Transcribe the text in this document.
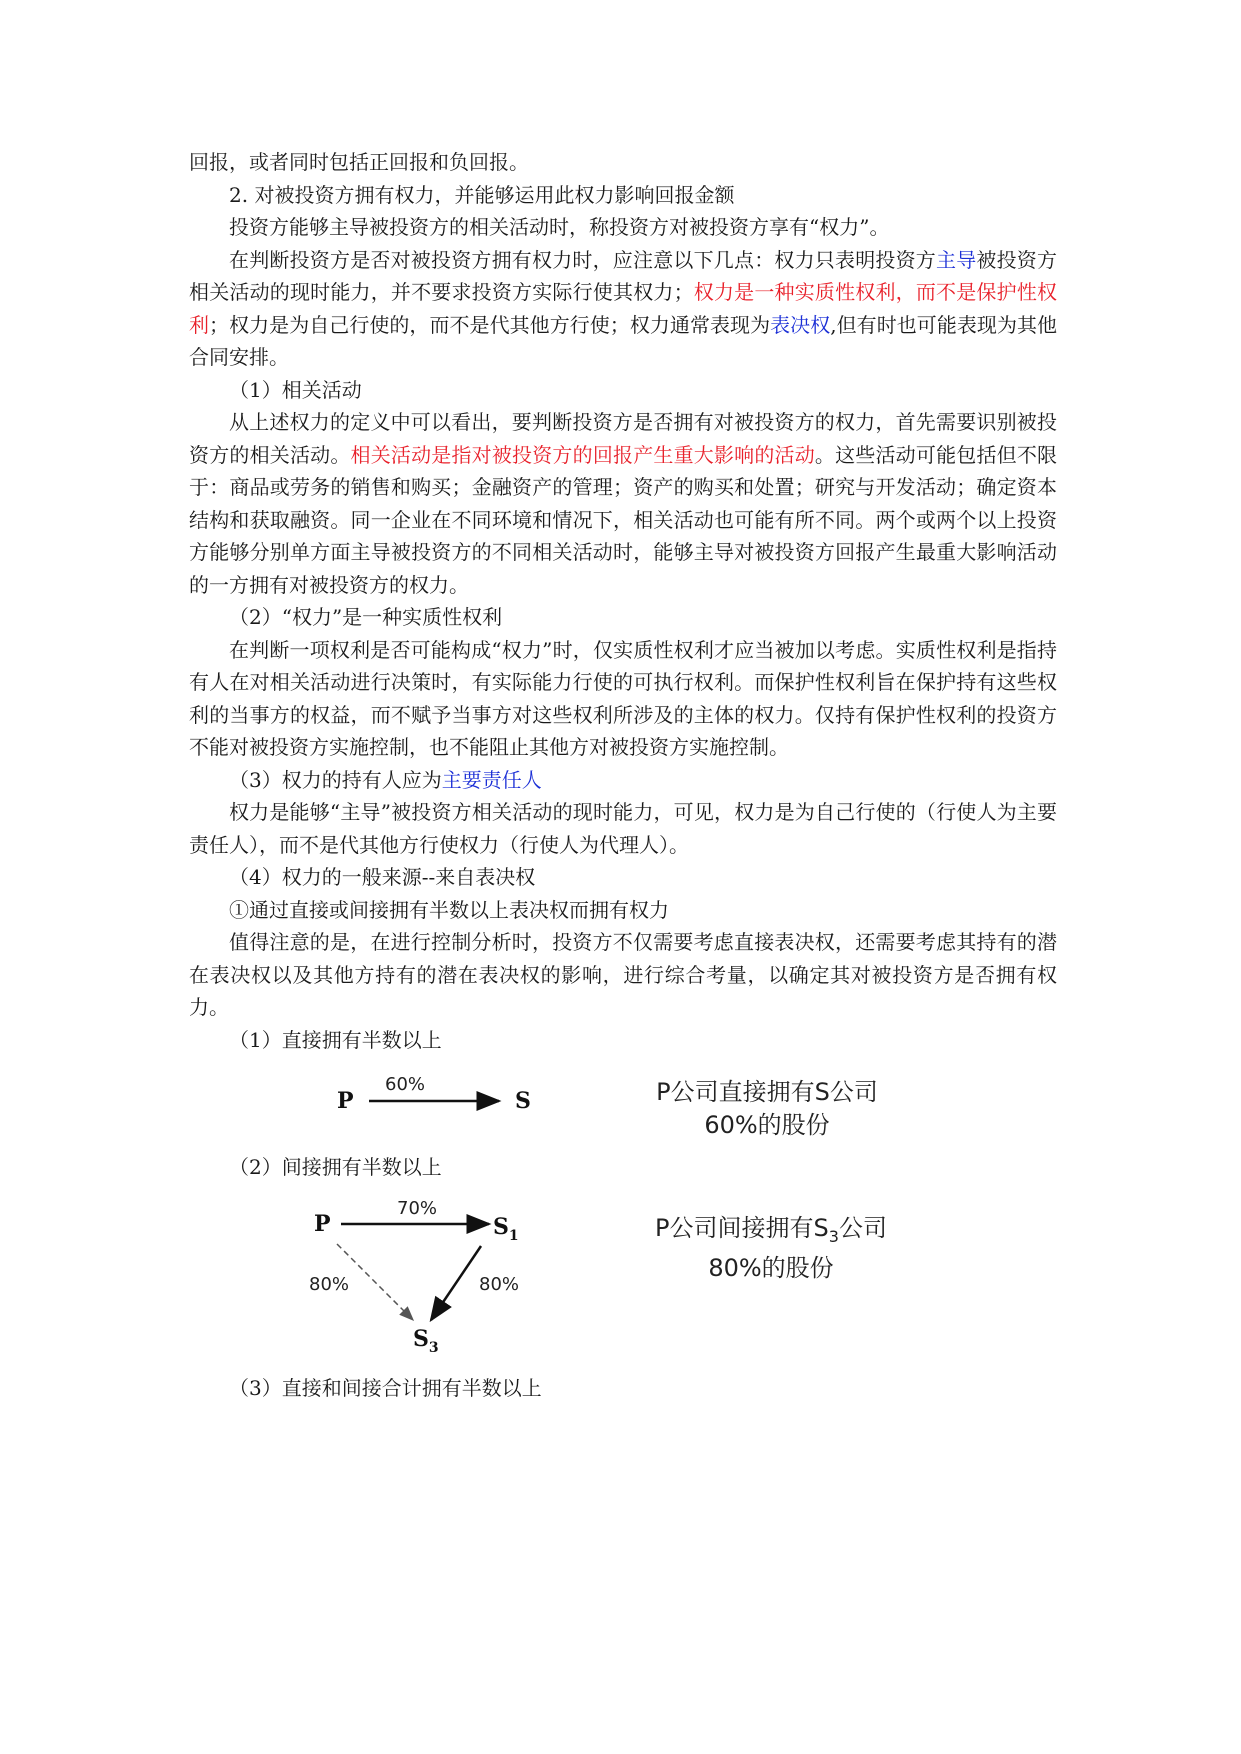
回报，或者同时包括正回报和负回报。

2. 对被投资方拥有权力，并能够运用此权力影响回报金额

投资方能够主导被投资方的相关活动时，称投资方对被投资方享有“权力”。

在判断投资方是否对被投资方拥有权力时，应注意以下几点：权力只表明投资方主导被投资方相关活动的现时能力，并不要求投资方实际行使其权力；权力是一种实质性权利，而不是保护性权利；权力是为自己行使的，而不是代其他方行使；权力通常表现为表决权,但有时也可能表现为其他合同安排。

（1）相关活动

从上述权力的定义中可以看出，要判断投资方是否拥有对被投资方的权力，首先需要识别被投资方的相关活动。相关活动是指对被投资方的回报产生重大影响的活动。这些活动可能包括但不限于：商品或劳务的销售和购买；金融资产的管理；资产的购买和处置；研究与开发活动；确定资本结构和获取融资。同一企业在不同环境和情况下，相关活动也可能有所不同。两个或两个以上投资方能够分别单方面主导被投资方的不同相关活动时，能够主导对被投资方回报产生最重大影响活动的一方拥有对被投资方的权力。

（2）“权力”是一种实质性权利

在判断一项权利是否可能构成“权力”时，仅实质性权利才应当被加以考虑。实质性权利是指持有人在对相关活动进行决策时，有实际能力行使的可执行权利。而保护性权利旨在保护持有这些权利的当事方的权益，而不赋予当事方对这些权利所涉及的主体的权力。仅持有保护性权利的投资方不能对被投资方实施控制，也不能阻止其他方对被投资方实施控制。

（3）权力的持有人应为主要责任人

权力是能够“主导”被投资方相关活动的现时能力，可见，权力是为自己行使的（行使人为主要责任人），而不是代其他方行使权力（行使人为代理人）。

（4）权力的一般来源--来自表决权

①通过直接或间接拥有半数以上表决权而拥有权力

值得注意的是，在进行控制分析时，投资方不仅需要考虑直接表决权，还需要考虑其持有的潜在表决权以及其他方持有的潜在表决权的影响，进行综合考量，以确定其对被投资方是否拥有权力。

（1）直接拥有半数以上

P
60%
S	P公司直接拥有S公司
60%的股份

（2）间接拥有半数以上

P
70%
$S_1$
80%	80%
$S_3$
P公司间接拥有$S_3$公司
80%的股份

（3）直接和间接合计拥有半数以上
